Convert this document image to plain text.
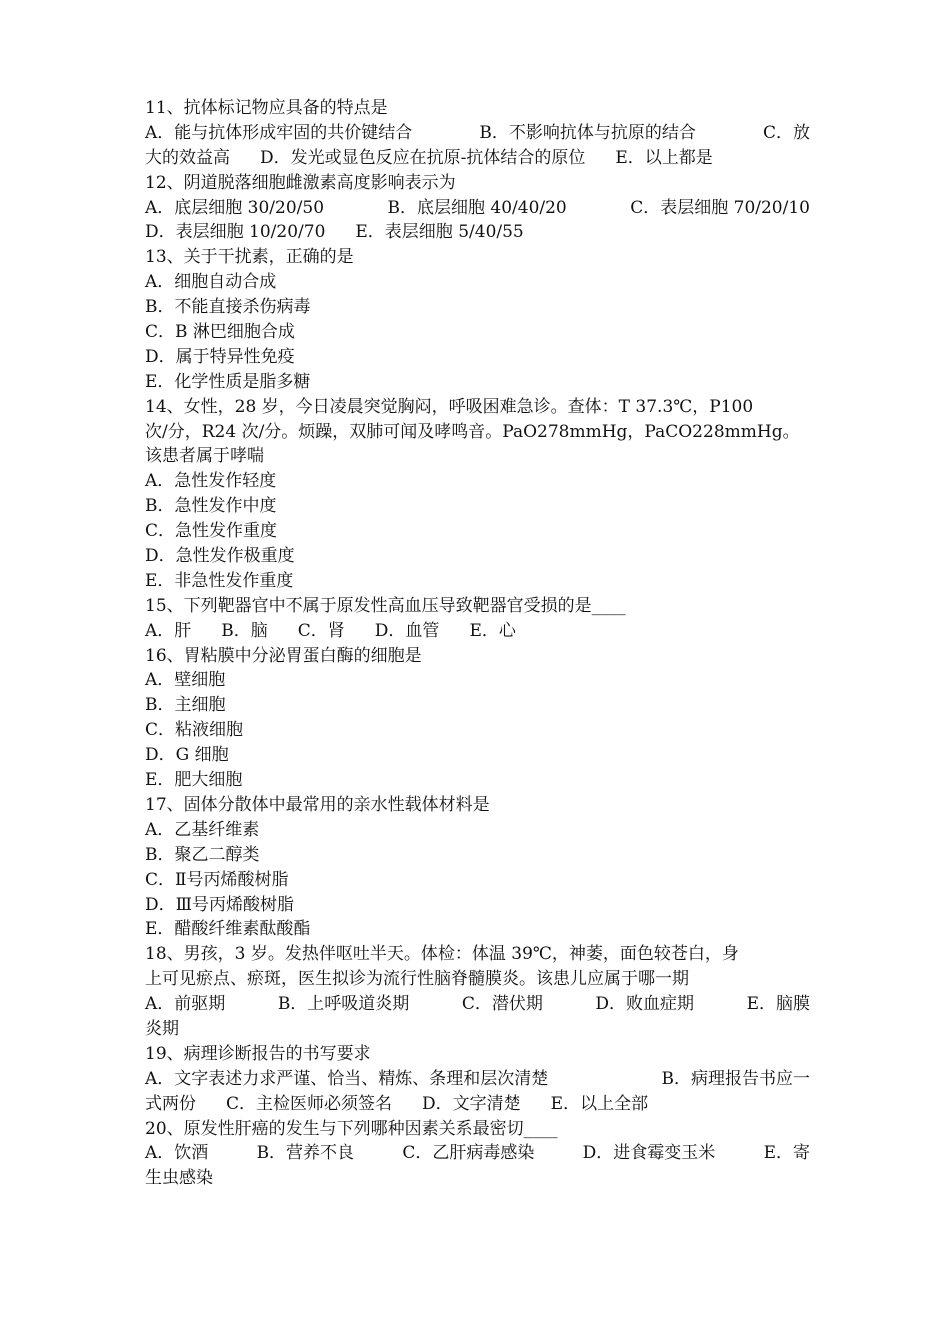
11、抗体标记物应具备的特点是
A．能与抗体形成牢固的共价键结合	B．不影响抗体与抗原的结合	C．放
大的效益高 D．发光或显色反应在抗原-抗体结合的原位 E．以上都是
12、阴道脱落细胞雌激素高度影响表示为
A．底层细胞 30/20/50	B．底层细胞 40/40/20	C．表层细胞 70/20/10
D．表层细胞 10/20/70 E．表层细胞 5/40/55
13、关于干扰素，正确的是
A．细胞自动合成
B．不能直接杀伤病毒
C．B 淋巴细胞合成
D．属于特异性免疫
E．化学性质是脂多糖
14、女性，28 岁，今日凌晨突觉胸闷，呼吸困难急诊。查体：T 37.3℃，P100
次/分，R24 次/分。烦躁，双肺可闻及哮鸣音。PaO278mmHg，PaCO228mmHg。
该患者属于哮喘
A．急性发作轻度
B．急性发作中度
C．急性发作重度
D．急性发作极重度
E．非急性发作重度
15、下列靶器官中不属于原发性高血压导致靶器官受损的是____
A．肝 B．脑 C．肾 D．血管 E．心
16、胃粘膜中分泌胃蛋白酶的细胞是
A．壁细胞
B．主细胞
C．粘液细胞
D．G 细胞
E．肥大细胞
17、固体分散体中最常用的亲水性载体材料是
A．乙基纤维素
B．聚乙二醇类
C．Ⅱ号丙烯酸树脂
D．Ⅲ号丙烯酸树脂
E．醋酸纤维素酞酸酯
18、男孩，3 岁。发热伴呕吐半天。体检：体温 39℃，神萎，面色较苍白，身
上可见瘀点、瘀斑，医生拟诊为流行性脑脊髓膜炎。该患儿应属于哪一期
A．前驱期	B．上呼吸道炎期	C．潜伏期	D．败血症期	E．脑膜
炎期
19、病理诊断报告的书写要求
A．文字表述力求严谨、恰当、精炼、条理和层次清楚	B．病理报告书应一
式两份 C．主检医师必须签名 D．文字清楚 E．以上全部
20、原发性肝癌的发生与下列哪种因素关系最密切____
A．饮酒	B．营养不良	C．乙肝病毒感染	D．进食霉变玉米	E．寄
生虫感染
